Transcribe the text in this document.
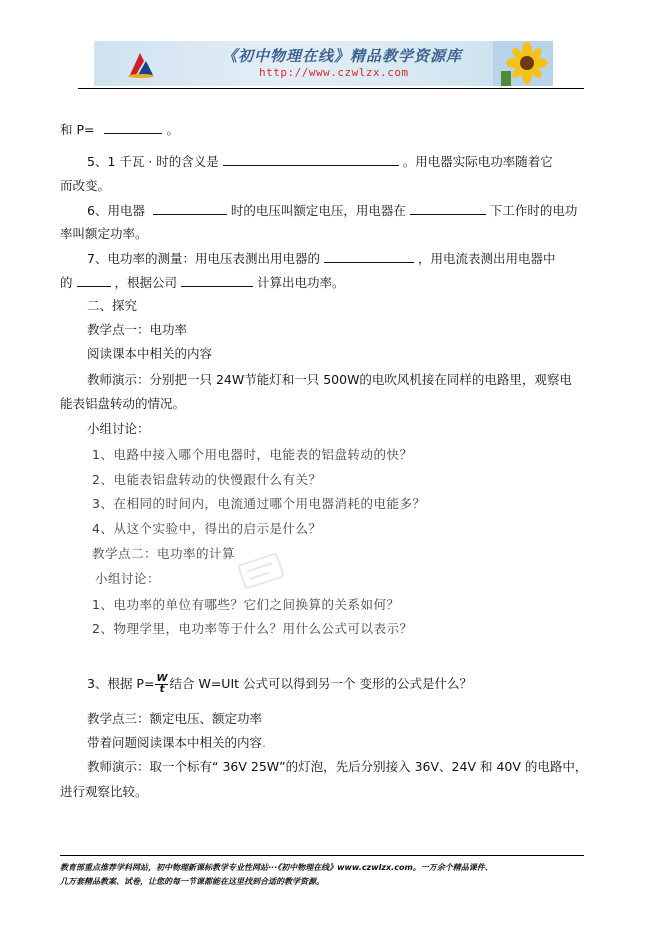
《初中物理在线》精品教学资源库
http://www.czwlzx.com
和 P=	。
5、1 千瓦 · 时的含义是	。用电器实际电功率随着它
而改变。
6、用电器	时的电压叫额定电压，用电器在	下工作时的电功
率叫额定功率。
7、电功率的测量：用电压表测出用电器的	，用电流表测出用电器中
的	，根据公司	计算出电功率。
二、探究
教学点一：电功率
阅读课本中相关的内容
教师演示：分别把一只 24W节能灯和一只 500W的电吹风机接在同样的电路里，观察电
能表铝盘转动的情况。
小组讨论：
1、电路中接入哪个用电器时，电能表的铝盘转动的快？
2、电能表铝盘转动的快慢跟什么有关？
3、在相同的时间内，电流通过哪个用电器消耗的电能多？
4、从这个实验中，得出的启示是什么？
教学点二：电功率的计算
小组讨论：
1、电功率的单位有哪些？它们之间换算的关系如何？
2、物理学里，电功率等于什么？用什么公式可以表示？
3、根据 $P= \frac{W}{t}$ 结合 W=UIt 公式可以得到另一个 变形的公式是什么？
教学点三：额定电压、额定功率
带着问题阅读课本中相关的内容.
教师演示：取一个标有“ 36V 25W”的灯泡，先后分别接入 36V、24V 和 40V 的电路中，
进行观察比较。
教育部重点推荐学科网站，初中物理新课标教学专业性网站···《初中物理在线》www.czwlzx.com。一万余个精品课件、
几万套精品教案、试卷，让您的每一节课都能在这里找到合适的教学资源。
